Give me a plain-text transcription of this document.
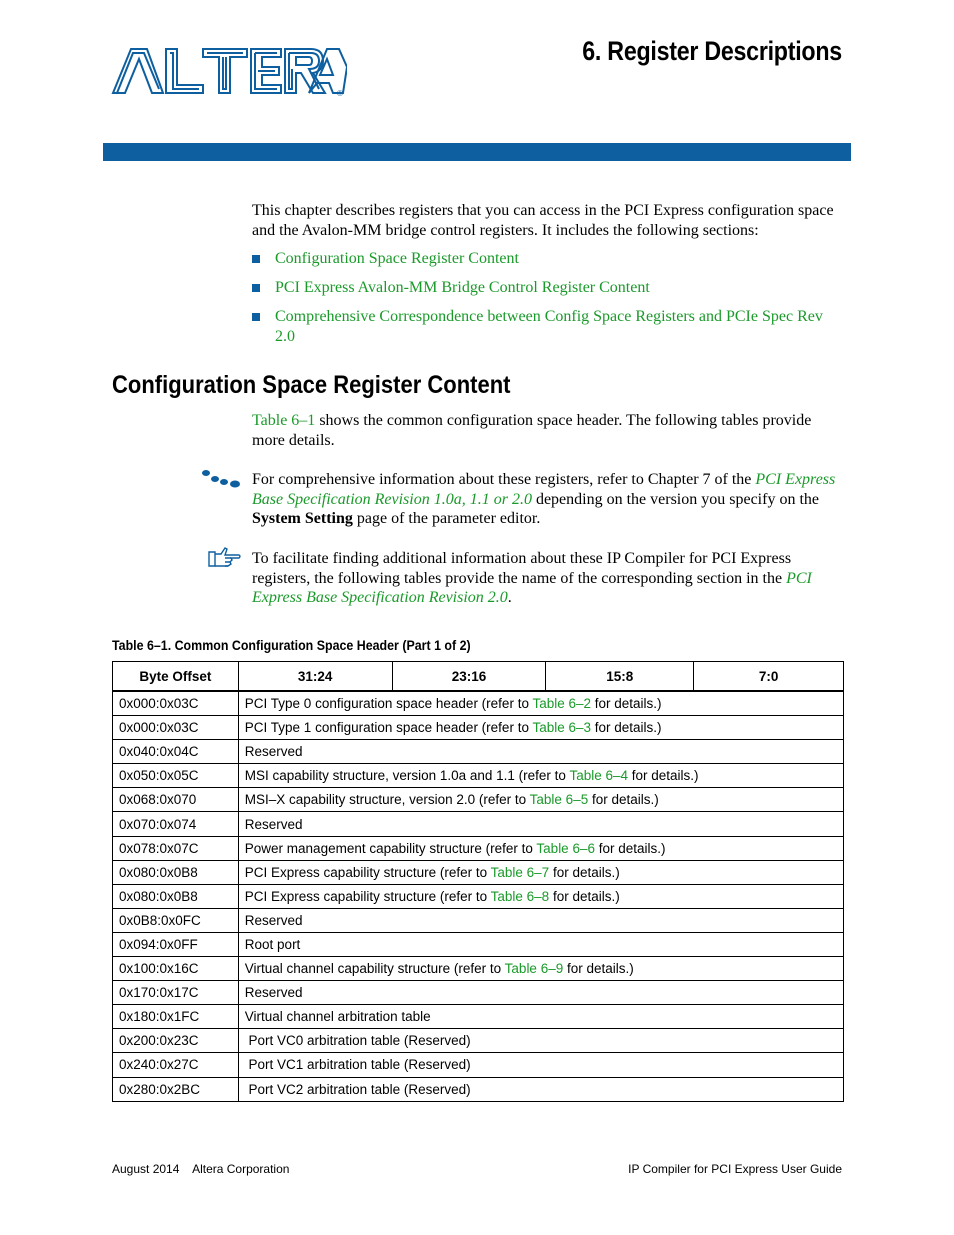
®
6. Register Descriptions
This chapter describes registers that you can access in the PCI Express configuration space and the Avalon-MM bridge control registers. It includes the following sections:
Configuration Space Register Content
PCI Express Avalon-MM Bridge Control Register Content
Comprehensive Correspondence between Config Space Registers and PCIe Spec Rev 2.0
Configuration Space Register Content
Table 6–1 shows the common configuration space header. The following tables provide more details.
For comprehensive information about these registers, refer to Chapter 7 of the PCI Express Base Specification Revision 1.0a, 1.1 or 2.0 depending on the version you specify on the System Setting page of the parameter editor.
To facilitate finding additional information about these IP Compiler for PCI Express registers, the following tables provide the name of the corresponding section in the PCI Express Base Specification Revision 2.0.
Table 6–1. Common Configuration Space Header (Part 1 of 2)
Byte Offset	31:24	23:16	15:8	7:0
0x000:0x03C	PCI Type 0 configuration space header (refer to Table 6–2 for details.)			
0x000:0x03C	PCI Type 1 configuration space header (refer to Table 6–3 for details.)			
0x040:0x04C	Reserved			
0x050:0x05C	MSI capability structure, version 1.0a and 1.1 (refer to Table 6–4 for details.)			
0x068:0x070	MSI–X capability structure, version 2.0 (refer to Table 6–5 for details.)			
0x070:0x074	Reserved			
0x078:0x07C	Power management capability structure (refer to Table 6–6 for details.)			
0x080:0x0B8	PCI Express capability structure (refer to Table 6–7 for details.)			
0x080:0x0B8	PCI Express capability structure (refer to Table 6–8 for details.)			
0x0B8:0x0FC	Reserved			
0x094:0x0FF	Root port			
0x100:0x16C	Virtual channel capability structure (refer to Table 6–9 for details.)			
0x170:0x17C	Reserved			
0x180:0x1FC	Virtual channel arbitration table			
0x200:0x23C	Port VC0 arbitration table (Reserved)			
0x240:0x27C	Port VC1 arbitration table (Reserved)			
0x280:0x2BC	Port VC2 arbitration table (Reserved)			
August 2014    Altera Corporation	IP Compiler for PCI Express User Guide
